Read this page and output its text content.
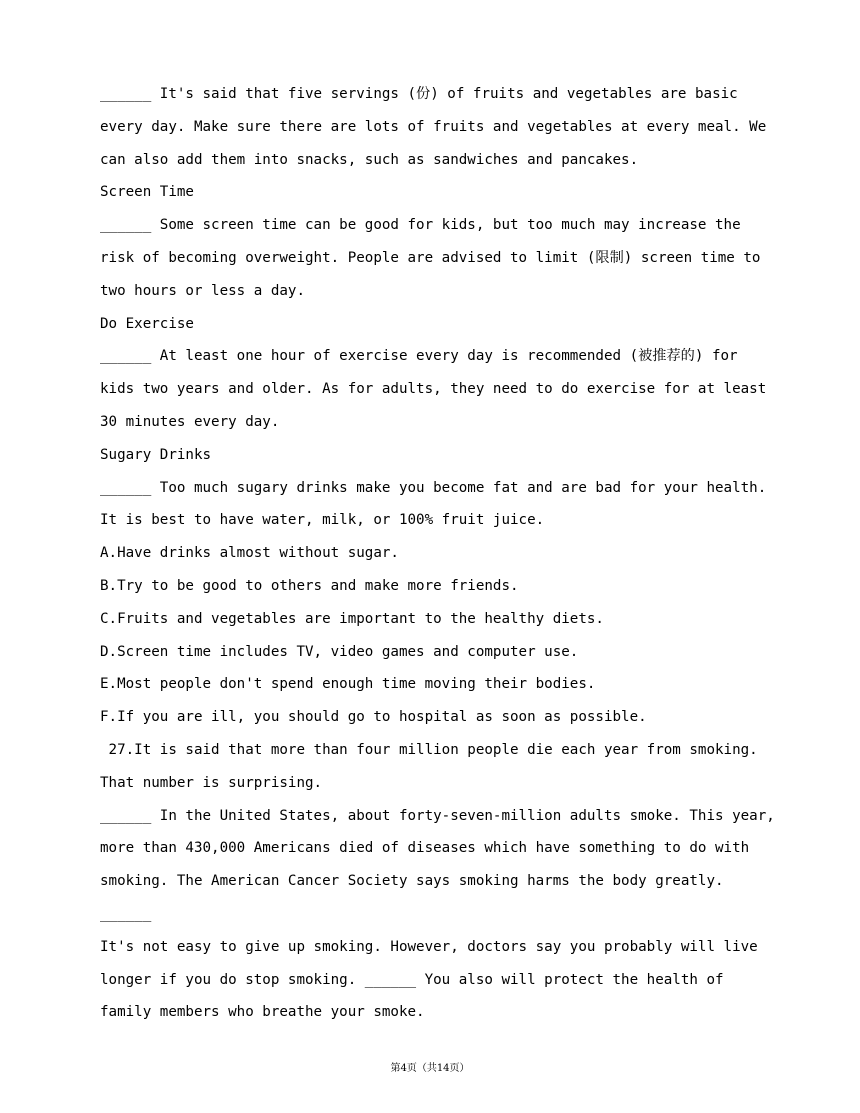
______ It's said that five servings (份) of fruits and vegetables are basic
every day. Make sure there are lots of fruits and vegetables at every meal. We
can also add them into snacks, such as sandwiches and pancakes.
Screen Time
______ Some screen time can be good for kids, but too much may increase the
risk of becoming overweight. People are advised to limit (限制) screen time to
two hours or less a day.
Do Exercise
______ At least one hour of exercise every day is recommended (被推荐的) for
kids two years and older. As for adults, they need to do exercise for at least
30 minutes every day.
Sugary Drinks
______ Too much sugary drinks make you become fat and are bad for your health.
It is best to have water, milk, or 100% fruit juice.
A.Have drinks almost without sugar.
B.Try to be good to others and make more friends.
C.Fruits and vegetables are important to the healthy diets.
D.Screen time includes TV, video games and computer use.
E.Most people don't spend enough time moving their bodies.
F.If you are ill, you should go to hospital as soon as possible.
27.It is said that more than four million people die each year from smoking.
That number is surprising.
______ In the United States, about forty-seven-million adults smoke. This year,
more than 430,000 Americans died of diseases which have something to do with
smoking. The American Cancer Society says smoking harms the body greatly.
______
It's not easy to give up smoking. However, doctors say you probably will live
longer if you do stop smoking. ______ You also will protect the health of
family members who breathe your smoke.
第4页（共14页）
